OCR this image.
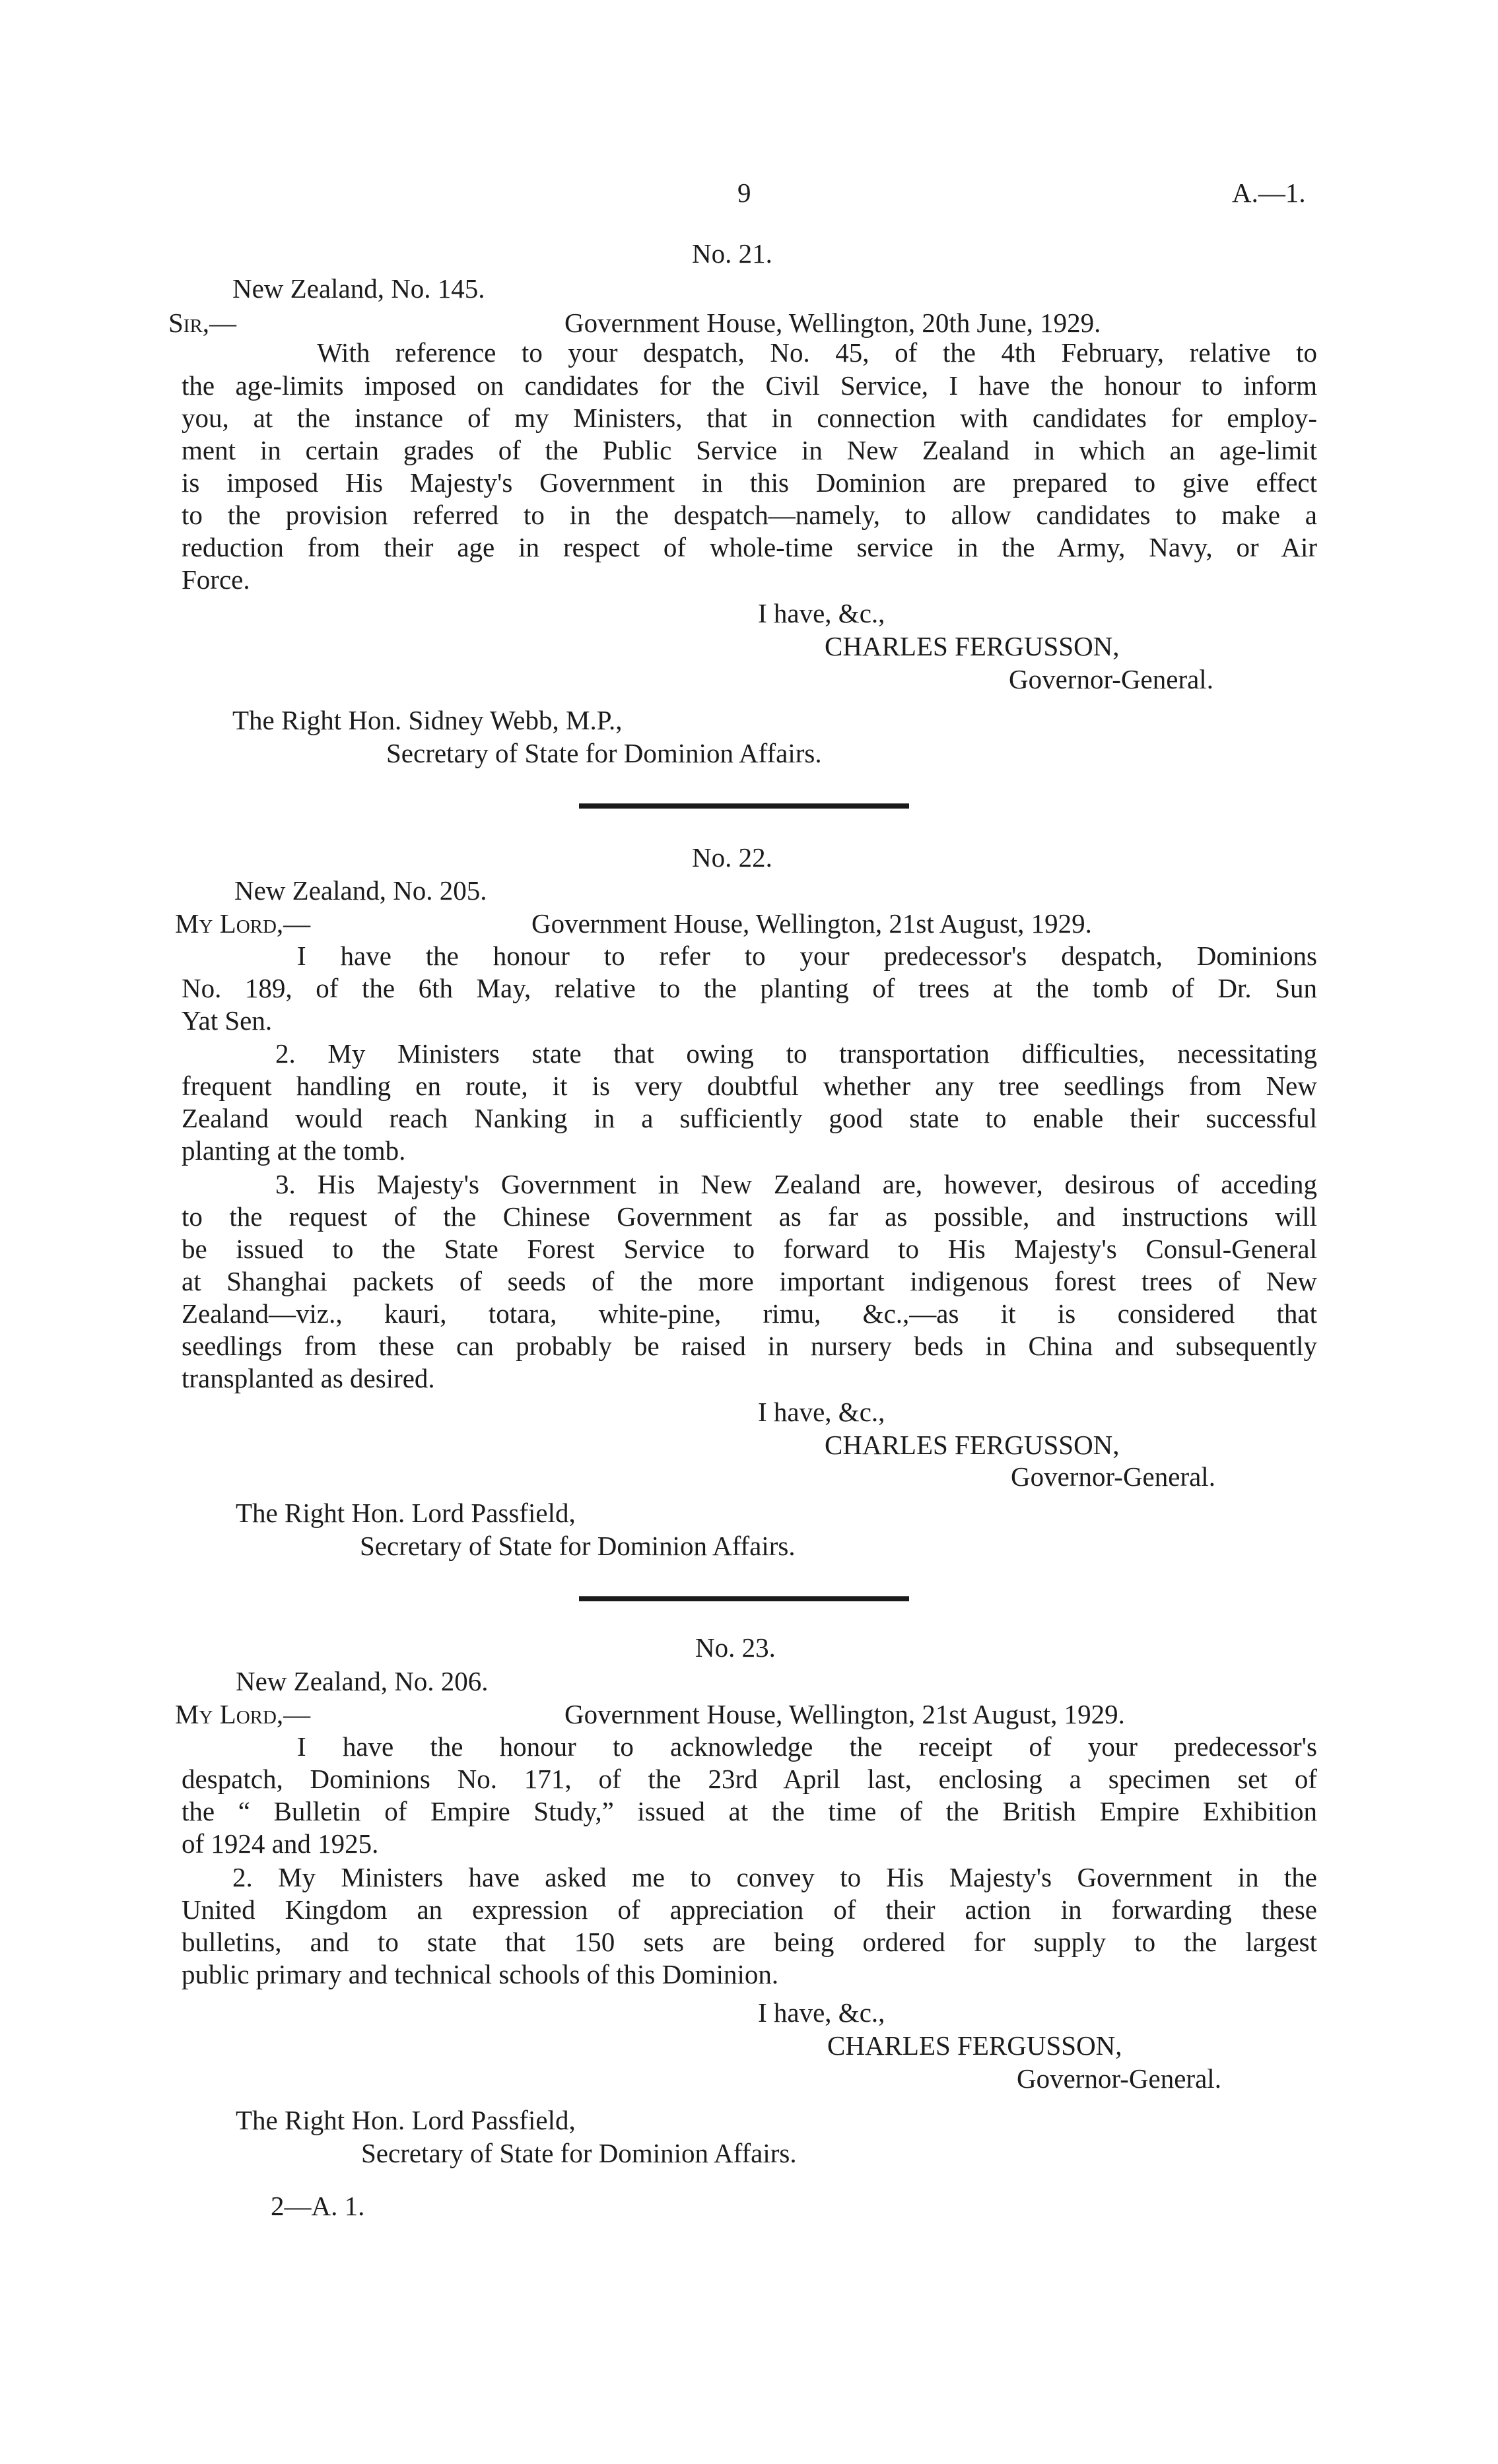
9	A.—1.
No. 21.
New Zealand, No. 145.
Sir,—	Government House, Wellington, 20th June, 1929.
With reference to your despatch, No. 45, of the 4th February, relative to
the age-limits imposed on candidates for the Civil Service, I have the honour to inform
you, at the instance of my Ministers, that in connection with candidates for employ-
ment in certain grades of the Public Service in New Zealand in which an age-limit
is imposed His Majesty's Government in this Dominion are prepared to give effect
to the provision referred to in the despatch—namely, to allow candidates to make a
reduction from their age in respect of whole-time service in the Army, Navy, or Air
Force.
I have, &c.,
CHARLES FERGUSSON,
Governor-General.
The Right Hon. Sidney Webb, M.P.,
Secretary of State for Dominion Affairs.
No. 22.
New Zealand, No. 205.
My Lord,—	Government House, Wellington, 21st August, 1929.
I have the honour to refer to your predecessor's despatch, Dominions
No. 189, of the 6th May, relative to the planting of trees at the tomb of Dr. Sun
Yat Sen.
2. My Ministers state that owing to transportation difficulties, necessitating
frequent handling en route, it is very doubtful whether any tree seedlings from New
Zealand would reach Nanking in a sufficiently good state to enable their successful
planting at the tomb.
3. His Majesty's Government in New Zealand are, however, desirous of acceding
to the request of the Chinese Government as far as possible, and instructions will
be issued to the State Forest Service to forward to His Majesty's Consul-General
at Shanghai packets of seeds of the more important indigenous forest trees of New
Zealand—viz., kauri, totara, white-pine, rimu, &c.,—as it is considered that
seedlings from these can probably be raised in nursery beds in China and subsequently
transplanted as desired.
I have, &c.,
CHARLES FERGUSSON,
Governor-General.
The Right Hon. Lord Passfield,
Secretary of State for Dominion Affairs.
No. 23.
New Zealand, No. 206.
My Lord,—	Government House, Wellington, 21st August, 1929.
I have the honour to acknowledge the receipt of your predecessor's
despatch, Dominions No. 171, of the 23rd April last, enclosing a specimen set of
the “ Bulletin of Empire Study,” issued at the time of the British Empire Exhibition
of 1924 and 1925.
2. My Ministers have asked me to convey to His Majesty's Government in the
United Kingdom an expression of appreciation of their action in forwarding these
bulletins, and to state that 150 sets are being ordered for supply to the largest
public primary and technical schools of this Dominion.
I have, &c.,
CHARLES FERGUSSON,
Governor-General.
The Right Hon. Lord Passfield,
Secretary of State for Dominion Affairs.
2—A. 1.
